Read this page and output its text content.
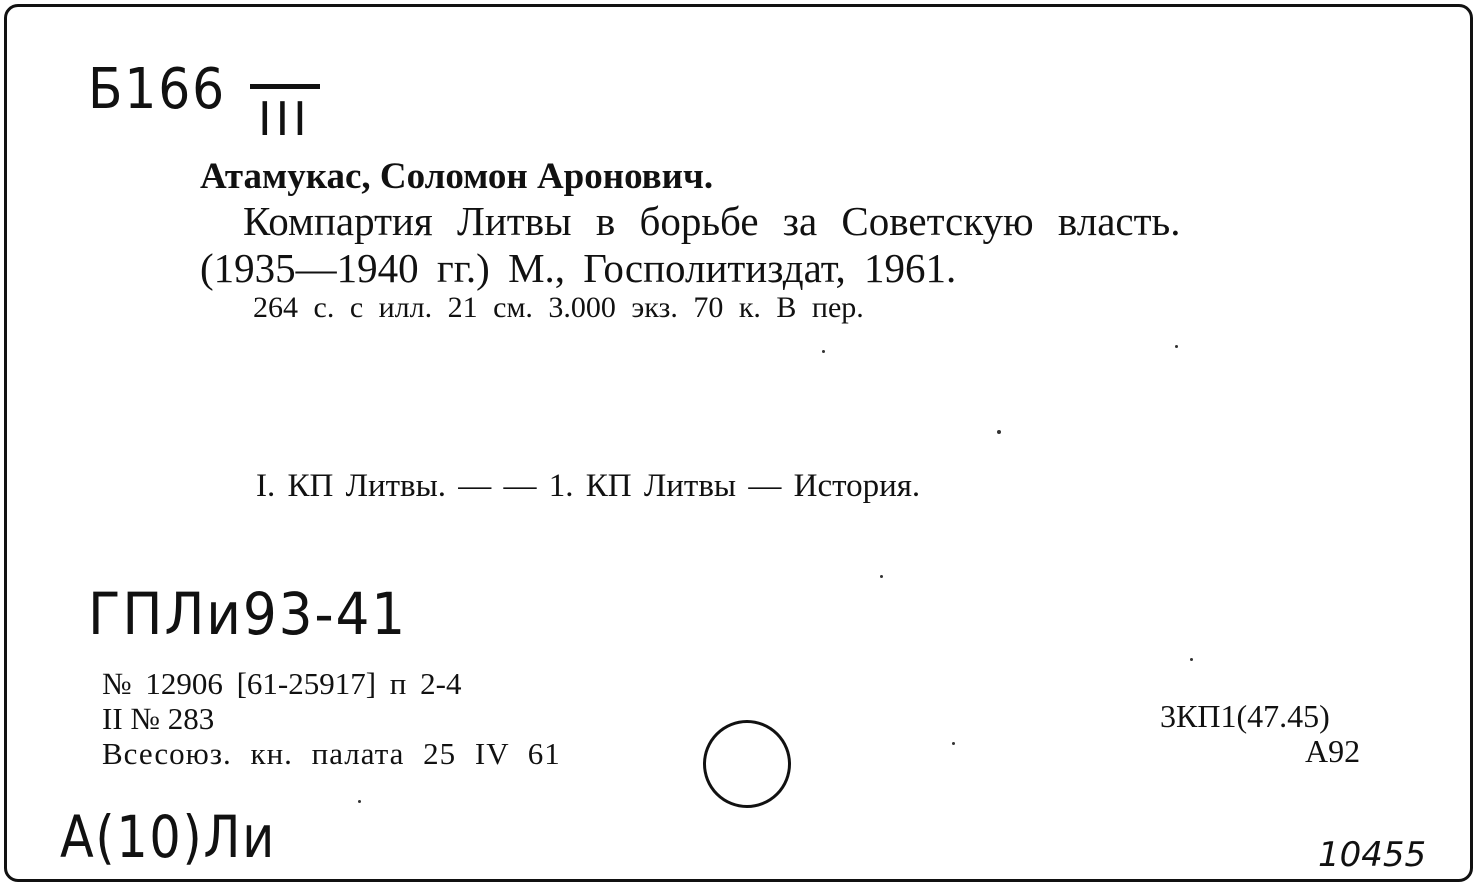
Б166 III
Атамукас, Соломон Аронович.
Компартия Литвы в борьбе за Советскую власть.
(1935—1940 гг.) М., Госполитиздат, 1961.
264 с. с илл. 21 см. 3.000 экз. 70 к. В пер.
I. КП Литвы. — — 1. КП Литвы — История.
ГПЛи93-41
№ 12906 [61-25917] п 2-4
II № 283
Всесоюз. кн. палата 25 IV 61
3КП1(47.45)
А92
А(10)Ли	10455
